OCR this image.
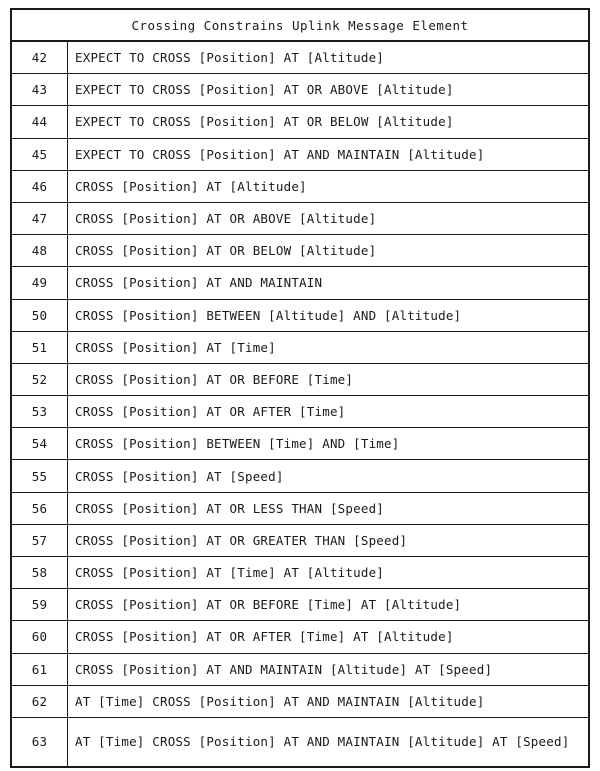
Crossing Constrains Uplink Message Element
42	EXPECT TO CROSS [Position] AT [Altitude]
43	EXPECT TO CROSS [Position] AT OR ABOVE [Altitude]
44	EXPECT TO CROSS [Position] AT OR BELOW [Altitude]
45	EXPECT TO CROSS [Position] AT AND MAINTAIN [Altitude]
46	CROSS [Position] AT [Altitude]
47	CROSS [Position] AT OR ABOVE [Altitude]
48	CROSS [Position] AT OR BELOW [Altitude]
49	CROSS [Position] AT AND MAINTAIN
50	CROSS [Position] BETWEEN [Altitude] AND [Altitude]
51	CROSS [Position] AT [Time]
52	CROSS [Position] AT OR BEFORE [Time]
53	CROSS [Position] AT OR AFTER [Time]
54	CROSS [Position] BETWEEN [Time] AND [Time]
55	CROSS [Position] AT [Speed]
56	CROSS [Position] AT OR LESS THAN [Speed]
57	CROSS [Position] AT OR GREATER THAN [Speed]
58	CROSS [Position] AT [Time] AT [Altitude]
59	CROSS [Position] AT OR BEFORE [Time] AT [Altitude]
60	CROSS [Position] AT OR AFTER [Time] AT [Altitude]
61	CROSS [Position] AT AND MAINTAIN [Altitude] AT [Speed]
62	AT [Time] CROSS [Position] AT AND MAINTAIN [Altitude]
63	AT [Time] CROSS [Position] AT AND MAINTAIN [Altitude] AT [Speed]
